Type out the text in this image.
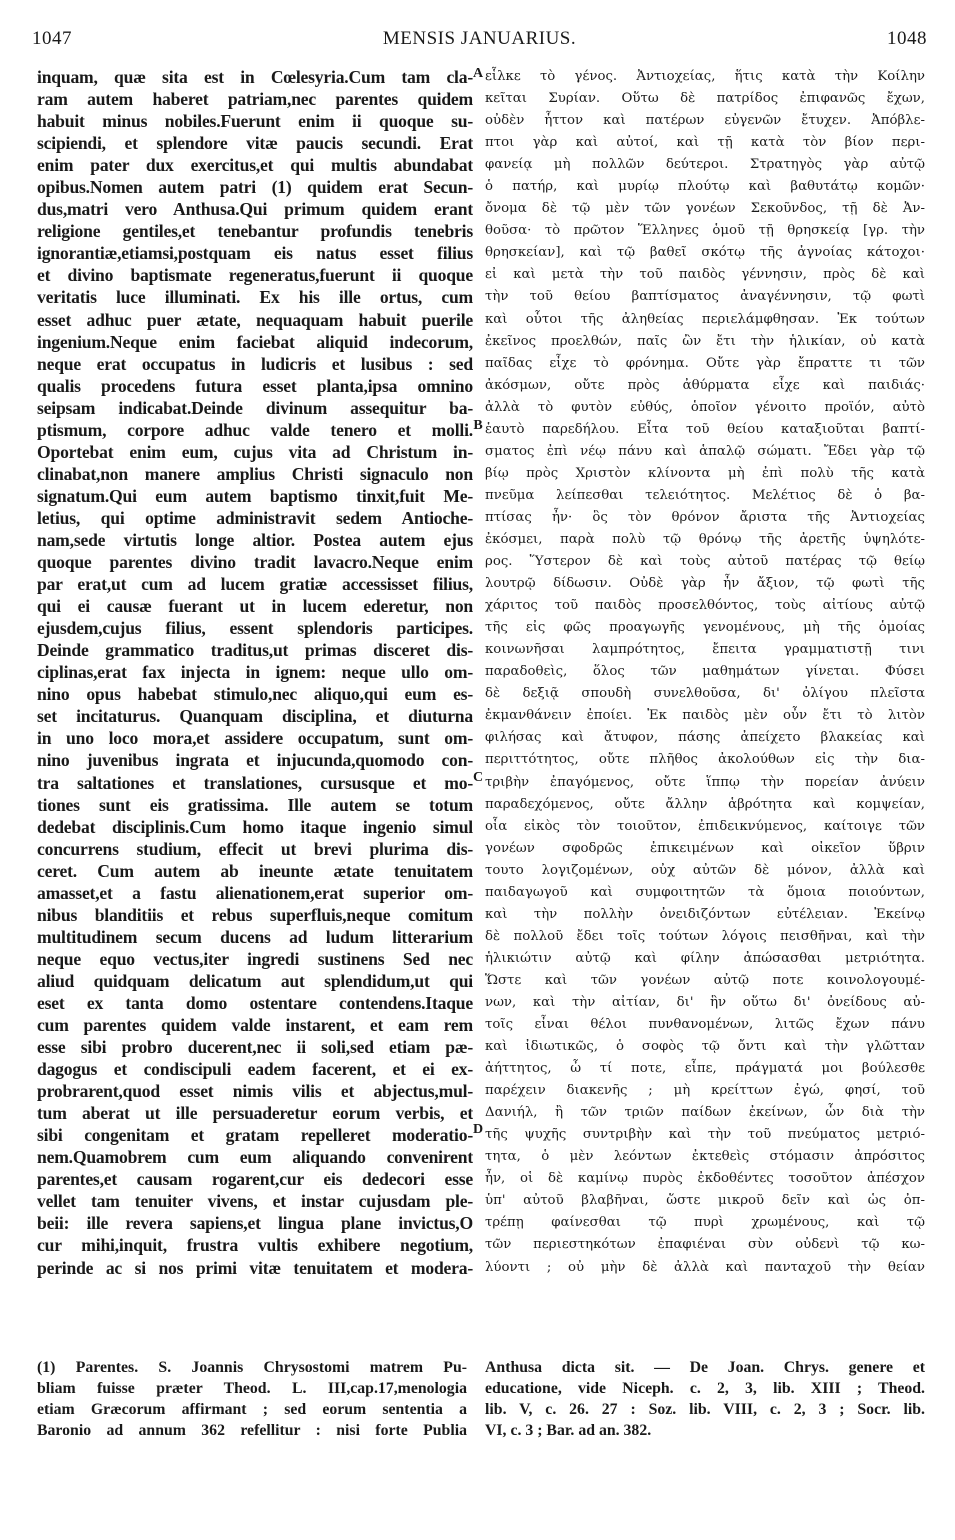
1047	MENSIS JANUARIUS.	1048
inquam, quæ sita est in Cœlesyria.Cum tam cla-
ram autem haberet patriam,nec parentes quidem
habuit minus nobiles.Fuerunt enim ii quoque su-
scipiendi, et splendore vitæ paucis secundi. Erat
enim pater dux exercitus,et qui multis abundabat
opibus.Nomen autem patri (1) quidem erat Secun-
dus,matri vero Anthusa.Qui primum quidem erant
religione gentiles,et tenebantur profundis tenebris
ignorantiæ,etiamsi,postquam eis natus esset filius
et divino baptismate regeneratus,fuerunt ii quoque
veritatis luce illuminati. Ex his ille ortus, cum
esset adhuc puer ætate, nequaquam habuit puerile
ingenium.Neque enim faciebat aliquid indecorum,
neque erat occupatus in ludicris et lusibus : sed
qualis procedens futura esset planta,ipsa omnino
seipsam indicabat.Deinde divinum assequitur ba-
ptismum, corpore adhuc valde tenero et molli.
Oportebat enim eum, cujus vita ad Christum in-
clinabat,non manere amplius Christi signaculo non
signatum.Qui eum autem baptismo tinxit,fuit Me-
letius, qui optime administravit sedem Antioche-
nam,sede virtutis longe altior. Postea autem ejus
quoque parentes divino tradit lavacro.Neque enim
par erat,ut cum ad lucem gratiæ accessisset filius,
qui ei causæ fuerant ut in lucem ederetur, non
ejusdem,cujus filius, essent splendoris participes.
Deinde grammatico traditus,ut primas disceret dis-
ciplinas,erat fax injecta in ignem: neque ullo om-
nino opus habebat stimulo,nec aliquo,qui eum es-
set incitaturus. Quanquam disciplina, et diuturna
in uno loco mora,et assidere occupatum, sunt om-
nino juvenibus ingrata et injucunda,quomodo con-
tra saltationes et translationes, cursusque et mo-
tiones sunt eis gratissima. Ille autem se totum
dedebat disciplinis.Cum homo itaque ingenio simul
concurrens studium, effecit ut brevi plurima dis-
ceret. Cum autem ab ineunte ætate tenuitatem
amasset,et a fastu alienationem,erat superior om-
nibus blanditiis et rebus superfluis,neque comitum
multitudinem secum ducens ad ludum litterarium
neque equo vectus,iter ingredi sustinens Sed nec
aliud quidquam delicatum aut splendidum,ut qui
eset ex tanta domo ostentare contendens.Itaque
cum parentes quidem valde instarent, et eam rem
esse sibi probro ducerent,nec ii soli,sed etiam pæ-
dagogus et condiscipuli eadem facerent, et ei ex-
probrarent,quod esset nimis vilis et abjectus,mul-
tum aberat ut ille persuaderetur eorum verbis, et
sibi congenitam et gratam repelleret moderatio-
nem.Quamobrem cum eum aliquando convenirent
parentes,et causam rogarent,cur eis dedecori esse
vellet tam tenuiter vivens, et instar cujusdam ple-
beii: ille revera sapiens,et lingua plane invictus,O
cur mihi,inquit, frustra vultis exhibere negotium,
perinde ac si nos primi vitæ tenuitatem et modera-
εἷλκε τὸ γένος. Ἀντιοχείας, ἥτις κατὰ τὴν Κοίλην
κεῖται Συρίαν. Οὕτω δὲ πατρίδος ἐπιφανῶς ἔχων,
οὐδὲν ἧττον καὶ πατέρων εὐγενῶν ἔτυχεν. Ἀπόβλε-
πτοι γὰρ καὶ αὐτοί, καὶ τῇ κατὰ τὸν βίον περι-
φανείᾳ μὴ πολλῶν δεύτεροι. Στρατηγὸς γὰρ αὐτῷ
ὁ πατήρ, καὶ μυρίῳ πλούτῳ καὶ βαθυτάτῳ κομῶν·
ὄνομα δὲ τῷ μὲν τῶν γονέων Σεκοῦνδος, τῇ δὲ Ἀν-
θοῦσα· τὸ πρῶτον Ἕλληνες ὁμοῦ τῇ θρησκείᾳ [γρ. τὴν
θρησκείαν], καὶ τῷ βαθεῖ σκότῳ τῆς ἀγνοίας κάτοχοι·
εἰ καὶ μετὰ τὴν τοῦ παιδὸς γέννησιν, πρὸς δὲ καὶ
τὴν τοῦ θείου βαπτίσματος ἀναγέννησιν, τῷ φωτὶ
καὶ οὗτοι τῆς ἀληθείας περιελάμφθησαν. Ἐκ τούτων
ἐκεῖνος προελθών, παῖς ὢν ἔτι τὴν ἡλικίαν, οὐ κατὰ
παῖδας εἶχε τὸ φρόνημα. Οὔτε γὰρ ἔπραττε τι τῶν
ἀκόσμων, οὔτε πρὸς ἀθύρματα εἶχε καὶ παιδιάς·
ἀλλὰ τὸ φυτὸν εὐθύς, ὁποῖον γένοιτο προϊόν, αὐτὸ
ἑαυτὸ παρεδήλου. Εἶτα τοῦ θείου καταξιοῦται βαπτί-
σματος ἐπὶ νέῳ πάνυ καὶ ἁπαλῷ σώματι. Ἔδει γὰρ τῷ
βίῳ πρὸς Χριστὸν κλίνοντα μὴ ἐπὶ πολὺ τῆς κατὰ
πνεῦμα λείπεσθαι τελειότητος. Μελέτιος δὲ ὁ βα-
πτίσας ἦν· ὃς τὸν θρόνον ἄριστα τῆς Ἀντιοχείας
ἐκόσμει, παρὰ πολὺ τῷ θρόνῳ τῆς ἀρετῆς ὑψηλότε-
ρος. Ὕστερον δὲ καὶ τοὺς αὐτοῦ πατέρας τῷ θείῳ
λουτρῷ δίδωσιν. Οὐδὲ γὰρ ἦν ἄξιον, τῷ φωτὶ τῆς
χάριτος τοῦ παιδὸς προσελθόντος, τοὺς αἰτίους αὐτῷ
τῆς εἰς φῶς προαγωγῆς γενομένους, μὴ τῆς ὁμοίας
κοινωνῆσαι λαμπρότητος, ἔπειτα γραμματιστῇ τινι
παραδοθεὶς, ὅλος τῶν μαθημάτων γίνεται. Φύσει
δὲ δεξιᾷ σπουδὴ συνελθοῦσα, δι' ὀλίγου πλεῖστα
ἐκμανθάνειν ἐποίει. Ἐκ παιδὸς μὲν οὖν ἔτι τὸ λιτὸν
φιλήσας καὶ ἄτυφον, πάσης ἀπείχετο βλακείας καὶ
περιττότητος, οὔτε πλῆθος ἀκολούθων εἰς τὴν δια-
τριβὴν ἐπαγόμενος, οὔτε ἵππῳ τὴν πορείαν ἀνύειν
παραδεχόμενος, οὔτε ἄλλην ἁβρότητα καὶ κομψείαν,
οἷα εἰκὸς τὸν τοιοῦτον, ἐπιδεικνύμενος, καίτοιγε τῶν
γονέων σφοδρῶς ἐπικειμένων καὶ οἰκεῖον ὕβριν
τουτο λογιζομένων, οὐχ αὐτῶν δὲ μόνον, ἀλλὰ καὶ
παιδαγωγοῦ καὶ συμφοιτητῶν τὰ ὅμοια ποιούντων,
καὶ τὴν πολλὴν ὀνειδιζόντων εὐτέλειαν. Ἐκείνῳ
δὲ πολλοῦ ἔδει τοῖς τούτων λόγοις πεισθῆναι, καὶ τὴν
ἡλικιώτιν αὐτῷ καὶ φίλην ἀπώσασθαι μετριότητα.
Ὥστε καὶ τῶν γονέων αὐτῷ ποτε κοινολογουμέ-
νων, καὶ τὴν αἰτίαν, δι' ἣν οὕτω δι' ὀνείδους αὐ-
τοῖς εἶναι θέλοι πυνθανομένων, λιτῶς ἔχων πάνυ
καὶ ἰδιωτικῶς, ὁ σοφὸς τῷ ὄντι καὶ τὴν γλῶτταν
ἀήττητος, ὦ τί ποτε, εἶπε, πράγματά μοι βούλεσθε
παρέχειν διακενῆς ; μὴ κρείττων ἐγώ, φησί, τοῦ
Δανιήλ, ἢ τῶν τριῶν παίδων ἐκείνων, ὧν διὰ τὴν
τῆς ψυχῆς συντριβὴν καὶ τὴν τοῦ πνεύματος μετριό-
τητα, ὁ μὲν λεόντων ἐκτεθεὶς στόμασιν ἀπρόσιτος
ἦν, οἱ δὲ καμίνῳ πυρὸς ἐκδοθέντες τοσοῦτον ἀπέσχον
ὑπ' αὐτοῦ βλαβῆναι, ὥστε μικροῦ δεῖν καὶ ὡς ὀπ-
τρέπῃ φαίνεσθαι τῷ πυρὶ χρωμένους, καὶ τῷ
τῶν περιεστηκότων ἐπαφιέναι σὺν οὐδενὶ τῷ κω-
λύοντι ; οὐ μὴν δὲ ἀλλὰ καὶ πανταχοῦ τὴν θείαν
A
B
C
D
(1) Parentes. S. Joannis Chrysostomi matrem Pu-
bliam fuisse præter Theod. L. III,cap.17,menologia
etiam Græcorum affirmant ; sed eorum sententia a
Baronio ad annum 362 refellitur : nisi forte Publia
Anthusa dicta sit. — De Joan. Chrys. genere et
educatione, vide Niceph. c. 2, 3, lib. XIII ; Theod.
lib. V, c. 26. 27 : Soz. lib. VIII, c. 2, 3 ; Socr. lib.
VI, c. 3 ; Bar. ad an. 382.
